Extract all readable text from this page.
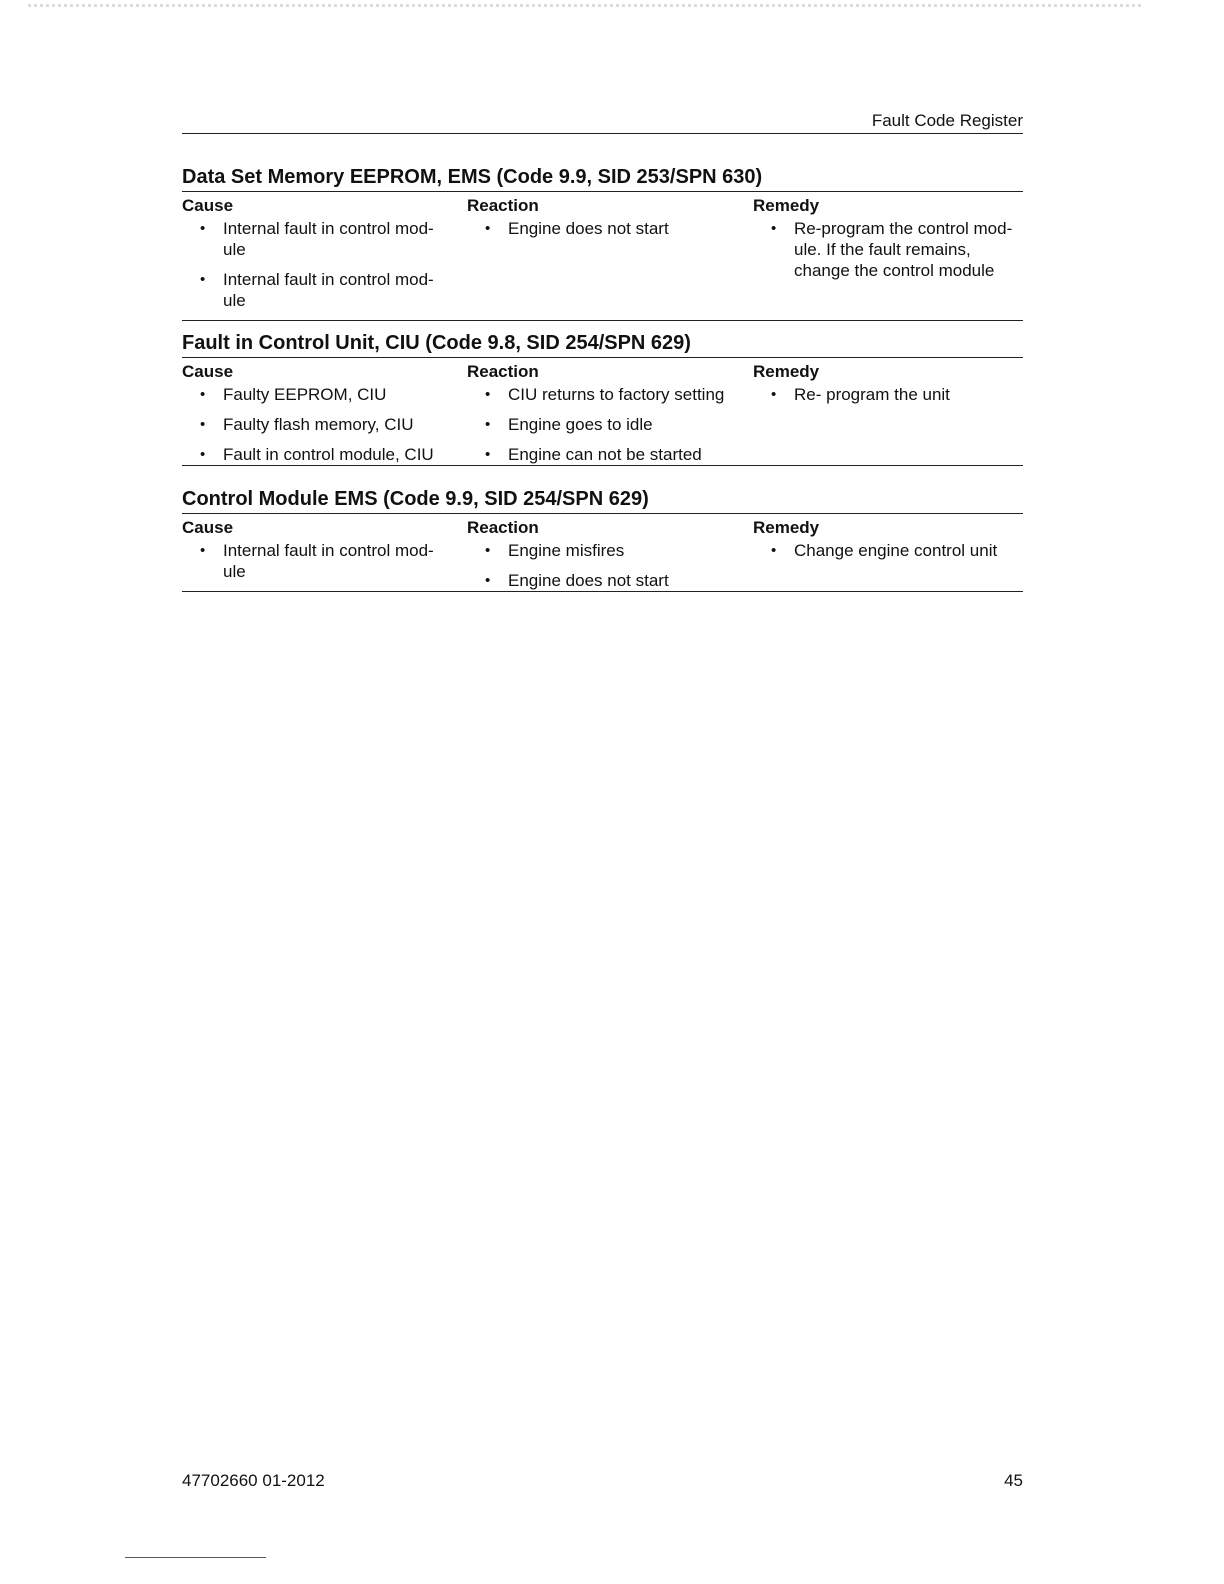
Fault Code Register
Data Set Memory EEPROM, EMS (Code 9.9, SID 253/SPN 630)
Cause
• Internal fault in control mod-ule
• Internal fault in control mod-ule
Reaction
• Engine does not start
Remedy
• Re-program the control mod-ule. If the fault remains, change the control module
Fault in Control Unit, CIU (Code 9.8, SID 254/SPN 629)
Cause
• Faulty EEPROM, CIU
• Faulty flash memory, CIU
• Fault in control module, CIU
Reaction
• CIU returns to factory setting
• Engine goes to idle
• Engine can not be started
Remedy
• Re- program the unit
Control Module EMS (Code 9.9, SID 254/SPN 629)
Cause
• Internal fault in control mod-ule
Reaction
• Engine misfires
• Engine does not start
Remedy
• Change engine control unit
47702660 01-2012	45
